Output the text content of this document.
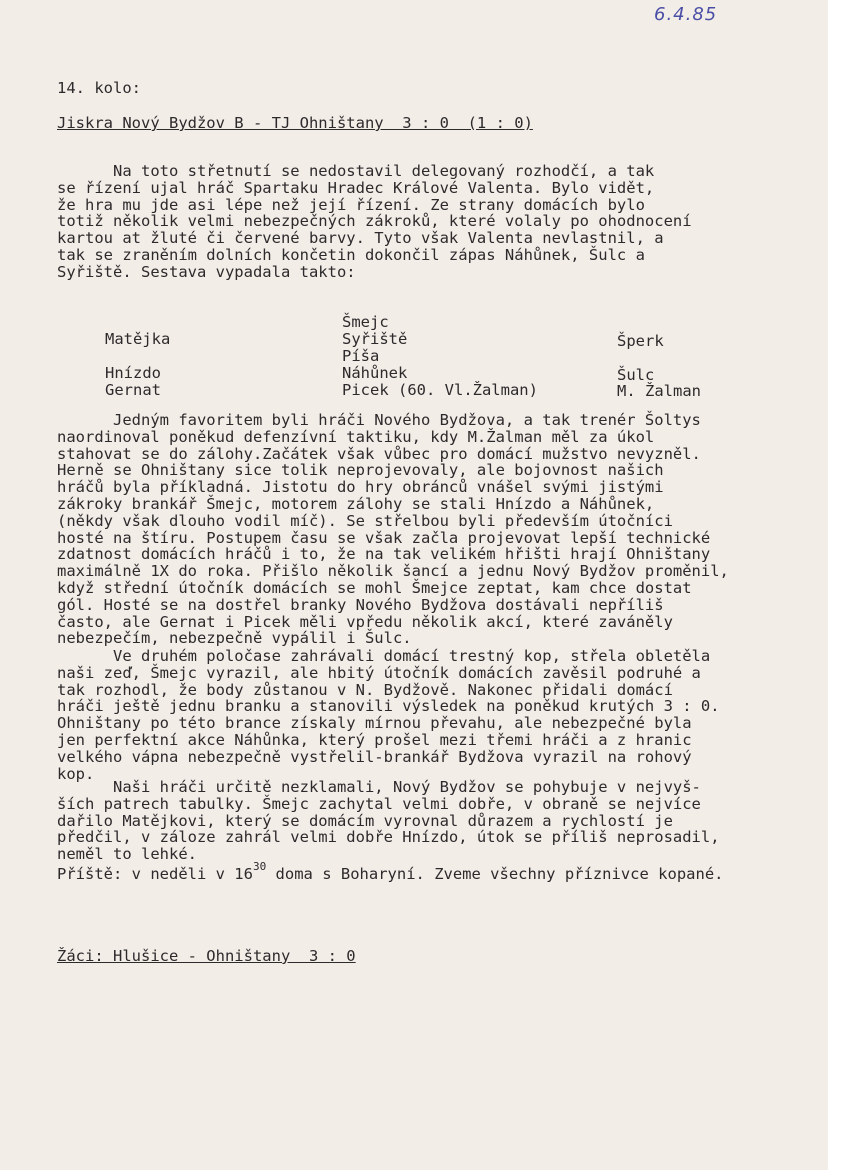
6.4.85
14. kolo:
Jiskra Nový Bydžov B - TJ Ohništany  3 : 0  (1 : 0)
Na toto střetnutí se nedostavil delegovaný rozhodčí, a tak
se řízení ujal hráč Spartaku Hradec Králové Valenta. Bylo vidět,
že hra mu jde asi lépe než její řízení. Ze strany domácích bylo
totiž několik velmi nebezpečných zákroků, které volaly po ohodnocení
kartou at žluté či červené barvy. Tyto však Valenta nevlastnil, a
tak se zraněním dolních končetin dokončil zápas Náhůnek, Šulc a
Syřiště. Sestava vypadala takto:
Šmejc
Matějka
Hnízdo
Gernat
Syřiště
Píša
Náhůnek
Picek (60. Vl.Žalman)
Šperk
Šulc
M. Žalman
Jedným favoritem byli hráči Nového Bydžova, a tak trenér Šoltys
naordinoval poněkud defenzívní taktiku, kdy M.Žalman měl za úkol
stahovat se do zálohy.Začátek však vůbec pro domácí mužstvo nevyzněl.
Herně se Ohništany sice tolik neprojevovaly, ale bojovnost našich
hráčů byla příkladná. Jistotu do hry obránců vnášel svými jistými
zákroky brankář Šmejc, motorem zálohy se stali Hnízdo a Náhůnek,
(někdy však dlouho vodil míč). Se střelbou byli především útočníci
hosté na štíru. Postupem času se však začla projevovat lepší technické
zdatnost domácích hráčů i to, že na tak velikém hřišti hrají Ohništany
maximálně 1X do roka. Přišlo několik šancí a jednu Nový Bydžov proměnil,
když střední útočník domácích se mohl Šmejce zeptat, kam chce dostat
gól. Hosté se na dostřel branky Nového Bydžova dostávali nepříliš
často, ale Gernat i Picek měli vpředu několik akcí, které zaváněly
nebezpečím, nebezpečně vypálil i Šulc.
Ve druhém poločase zahrávali domácí trestný kop, střela obletěla
naši zeď, Šmejc vyrazil, ale hbitý útočník domácích zavěsil podruhé a
tak rozhodl, že body zůstanou v N. Bydžově. Nakonec přidali domácí
hráči ještě jednu branku a stanovili výsledek na poněkud krutých 3 : 0.
Ohništany po této brance získaly mírnou převahu, ale nebezpečné byla
jen perfektní akce Náhůnka, který prošel mezi třemi hráči a z hranic
velkého vápna nebezpečně vystřelil-brankář Bydžova vyrazil na rohový
kop.
Naši hráči určitě nezklamali, Nový Bydžov se pohybuje v nejvyš-
ších patrech tabulky. Šmejc zachytal velmi dobře, v obraně se nejvíce
dařilo Matějkovi, který se domácím vyrovnal důrazem a rychlostí je
předčil, v záloze zahrál velmi dobře Hnízdo, útok se příliš neprosadil,
neměl to lehké.
Příště: v neděli v $16^{30}$ doma s Boharyní. Zveme všechny příznivce kopané.
Žáci: Hlušice - Ohništany  3 : 0
